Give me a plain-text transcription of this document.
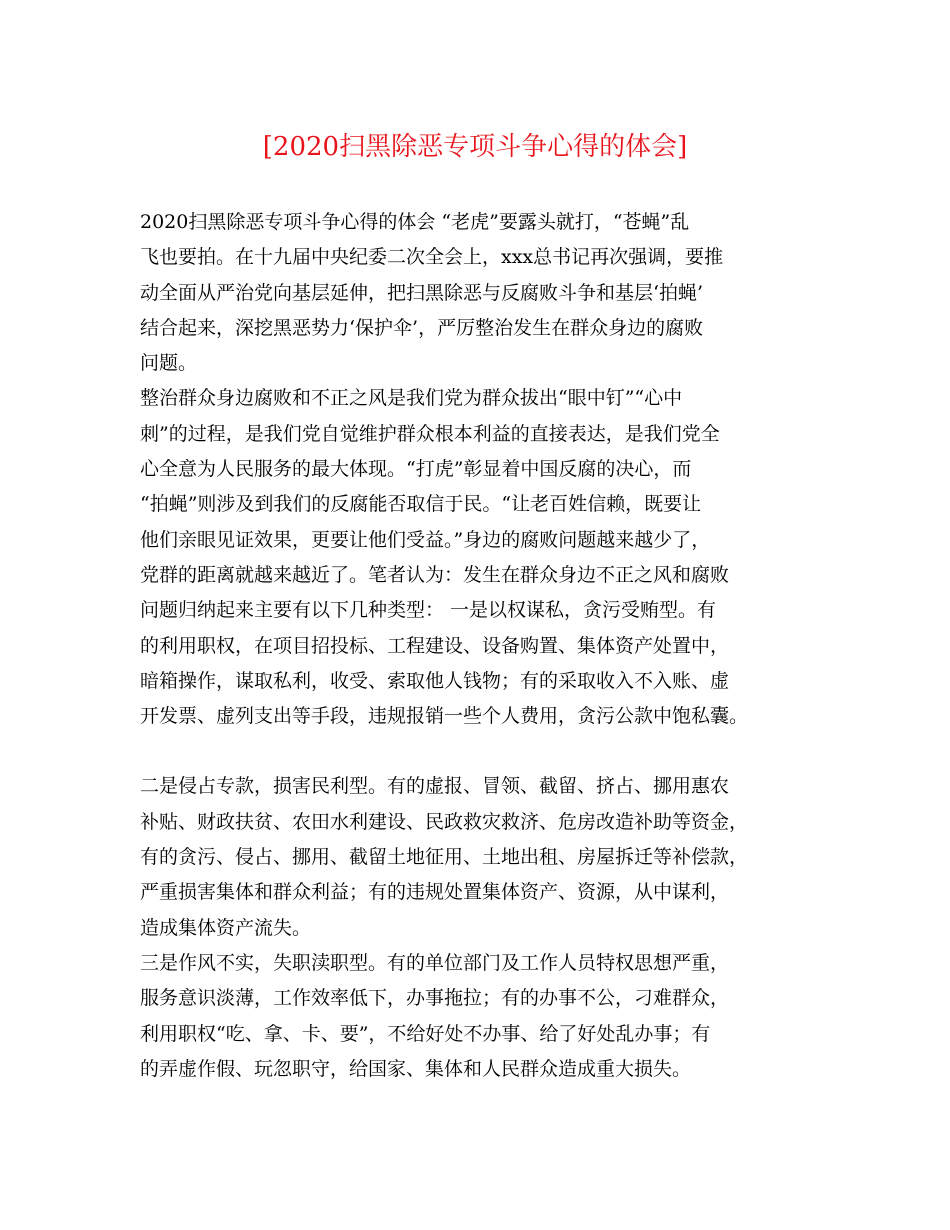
[2020扫黑除恶专项斗争心得的体会]

2020扫黑除恶专项斗争心得的体会 “老虎”要露头就打，“苍蝇”乱
飞也要拍。在十九届中央纪委二次全会上，xxx总书记再次强调，要推
动全面从严治党向基层延伸，把扫黑除恶与反腐败斗争和基层‘拍蝇’
结合起来，深挖黑恶势力‘保护伞’，严厉整治发生在群众身边的腐败
问题。

整治群众身边腐败和不正之风是我们党为群众拔出“眼中钉”“心中
刺”的过程，是我们党自觉维护群众根本利益的直接表达，是我们党全
心全意为人民服务的最大体现。“打虎”彰显着中国反腐的决心，而
“拍蝇”则涉及到我们的反腐能否取信于民。“让老百姓信赖，既要让
他们亲眼见证效果，更要让他们受益。”身边的腐败问题越来越少了，
党群的距离就越来越近了。笔者认为：发生在群众身边不正之风和腐败
问题归纳起来主要有以下几种类型： 一是以权谋私，贪污受贿型。有
的利用职权，在项目招投标、工程建设、设备购置、集体资产处置中，
暗箱操作，谋取私利，收受、索取他人钱物；有的采取收入不入账、虚
开发票、虚列支出等手段，违规报销一些个人费用，贪污公款中饱私囊。

二是侵占专款，损害民利型。有的虚报、冒领、截留、挤占、挪用惠农
补贴、财政扶贫、农田水利建设、民政救灾救济、危房改造补助等资金，
有的贪污、侵占、挪用、截留土地征用、土地出租、房屋拆迁等补偿款，
严重损害集体和群众利益；有的违规处置集体资产、资源，从中谋利，
造成集体资产流失。

三是作风不实，失职渎职型。有的单位部门及工作人员特权思想严重，
服务意识淡薄，工作效率低下，办事拖拉；有的办事不公，刁难群众，
利用职权“吃、拿、卡、要”，不给好处不办事、给了好处乱办事；有
的弄虚作假、玩忽职守，给国家、集体和人民群众造成重大损失。
